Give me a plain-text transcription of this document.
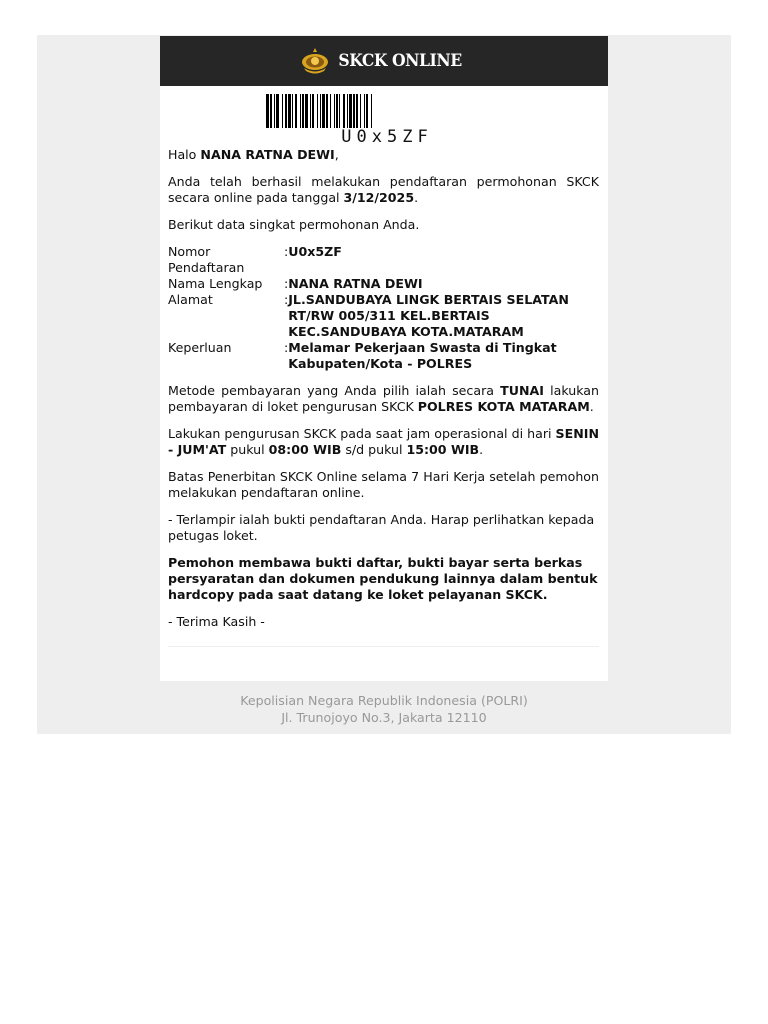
SKCK ONLINE
U0x5ZF

Halo NANA RATNA DEWI,

Anda telah berhasil melakukan pendaftaran permohonan SKCK secara online pada tanggal 3/12/2025.

Berikut data singkat permohonan Anda.

Nomor Pendaftaran	:	U0x5ZF
Nama Lengkap	:	NANA RATNA DEWI
Alamat	:	JL.SANDUBAYA LINGK BERTAIS SELATAN RT/RW 005/311 KEL.BERTAIS KEC.SANDUBAYA KOTA.MATARAM
Keperluan	:	Melamar Pekerjaan Swasta di Tingkat Kabupaten/Kota - POLRES

Metode pembayaran yang Anda pilih ialah secara TUNAI lakukan pembayaran di loket pengurusan SKCK POLRES KOTA MATARAM.

Lakukan pengurusan SKCK pada saat jam operasional di hari SENIN - JUM'AT pukul 08:00 WIB s/d pukul 15:00 WIB.

Batas Penerbitan SKCK Online selama 7 Hari Kerja setelah pemohon melakukan pendaftaran online.

- Terlampir ialah bukti pendaftaran Anda. Harap perlihatkan kepada petugas loket.

Pemohon membawa bukti daftar, bukti bayar serta berkas persyaratan dan dokumen pendukung lainnya dalam bentuk hardcopy pada saat datang ke loket pelayanan SKCK.

- Terima Kasih -

Kepolisian Negara Republik Indonesia (POLRI)
Jl. Trunojoyo No.3, Jakarta 12110
